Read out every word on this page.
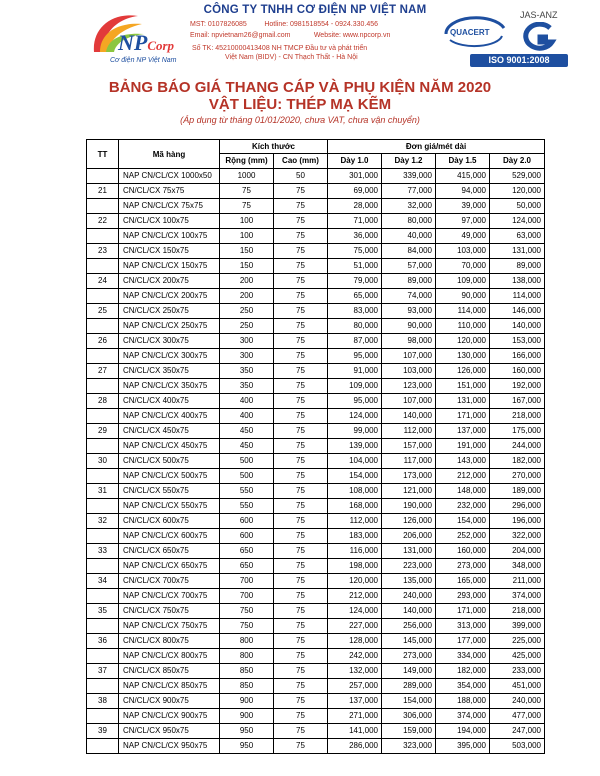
NPCorp
Cơ điện NP Việt Nam
CÔNG TY TNHH CƠ ĐIỆN NP VIỆT NAM
MST: 0107826085	Hotline: 0981518554 - 0924.330.456
Email: npvietnam26@gmail.com	Website: www.npcorp.vn
Số TK: 45210000413408 NH TMCP Đầu tư và phát triển
Việt Nam (BIDV) - CN Thạch Thất - Hà Nội
QUACERT
JAS-ANZ
ISO 9001:2008
BẢNG BÁO GIÁ THANG CÁP VÀ PHỤ KIỆN NĂM 2020
VẬT LIỆU: THÉP MẠ KẼM
(Áp dụng từ tháng 01/01/2020, chưa VAT, chưa vận chuyển)
TT	Mã hàng	Kích thước		Đơn giá/mét dài			
		Rộng (mm)	Cao (mm)	Dày 1.0	Dày 1.2	Dày 1.5	Dày 2.0
	NAP CN/CL/CX 1000x50	1000	50	301,000	339,000	415,000	529,000
21	CN/CL/CX 75x75	75	75	69,000	77,000	94,000	120,000
	NAP CN/CL/CX 75x75	75	75	28,000	32,000	39,000	50,000
22	CN/CL/CX 100x75	100	75	71,000	80,000	97,000	124,000
	NAP CN/CL/CX 100x75	100	75	36,000	40,000	49,000	63,000
23	CN/CL/CX 150x75	150	75	75,000	84,000	103,000	131,000
	NAP CN/CL/CX 150x75	150	75	51,000	57,000	70,000	89,000
24	CN/CL/CX 200x75	200	75	79,000	89,000	109,000	138,000
	NAP CN/CL/CX 200x75	200	75	65,000	74,000	90,000	114,000
25	CN/CL/CX 250x75	250	75	83,000	93,000	114,000	146,000
	NAP CN/CL/CX 250x75	250	75	80,000	90,000	110,000	140,000
26	CN/CL/CX 300x75	300	75	87,000	98,000	120,000	153,000
	NAP CN/CL/CX 300x75	300	75	95,000	107,000	130,000	166,000
27	CN/CL/CX 350x75	350	75	91,000	103,000	126,000	160,000
	NAP CN/CL/CX 350x75	350	75	109,000	123,000	151,000	192,000
28	CN/CL/CX 400x75	400	75	95,000	107,000	131,000	167,000
	NAP CN/CL/CX 400x75	400	75	124,000	140,000	171,000	218,000
29	CN/CL/CX 450x75	450	75	99,000	112,000	137,000	175,000
	NAP CN/CL/CX 450x75	450	75	139,000	157,000	191,000	244,000
30	CN/CL/CX 500x75	500	75	104,000	117,000	143,000	182,000
	NAP CN/CL/CX 500x75	500	75	154,000	173,000	212,000	270,000
31	CN/CL/CX 550x75	550	75	108,000	121,000	148,000	189,000
	NAP CN/CL/CX 550x75	550	75	168,000	190,000	232,000	296,000
32	CN/CL/CX 600x75	600	75	112,000	126,000	154,000	196,000
	NAP CN/CL/CX 600x75	600	75	183,000	206,000	252,000	322,000
33	CN/CL/CX 650x75	650	75	116,000	131,000	160,000	204,000
	NAP CN/CL/CX 650x75	650	75	198,000	223,000	273,000	348,000
34	CN/CL/CX 700x75	700	75	120,000	135,000	165,000	211,000
	NAP CN/CL/CX 700x75	700	75	212,000	240,000	293,000	374,000
35	CN/CL/CX 750x75	750	75	124,000	140,000	171,000	218,000
	NAP CN/CL/CX 750x75	750	75	227,000	256,000	313,000	399,000
36	CN/CL/CX 800x75	800	75	128,000	145,000	177,000	225,000
	NAP CN/CL/CX 800x75	800	75	242,000	273,000	334,000	425,000
37	CN/CL/CX 850x75	850	75	132,000	149,000	182,000	233,000
	NAP CN/CL/CX 850x75	850	75	257,000	289,000	354,000	451,000
38	CN/CL/CX 900x75	900	75	137,000	154,000	188,000	240,000
	NAP CN/CL/CX 900x75	900	75	271,000	306,000	374,000	477,000
39	CN/CL/CX 950x75	950	75	141,000	159,000	194,000	247,000
	NAP CN/CL/CX 950x75	950	75	286,000	323,000	395,000	503,000
